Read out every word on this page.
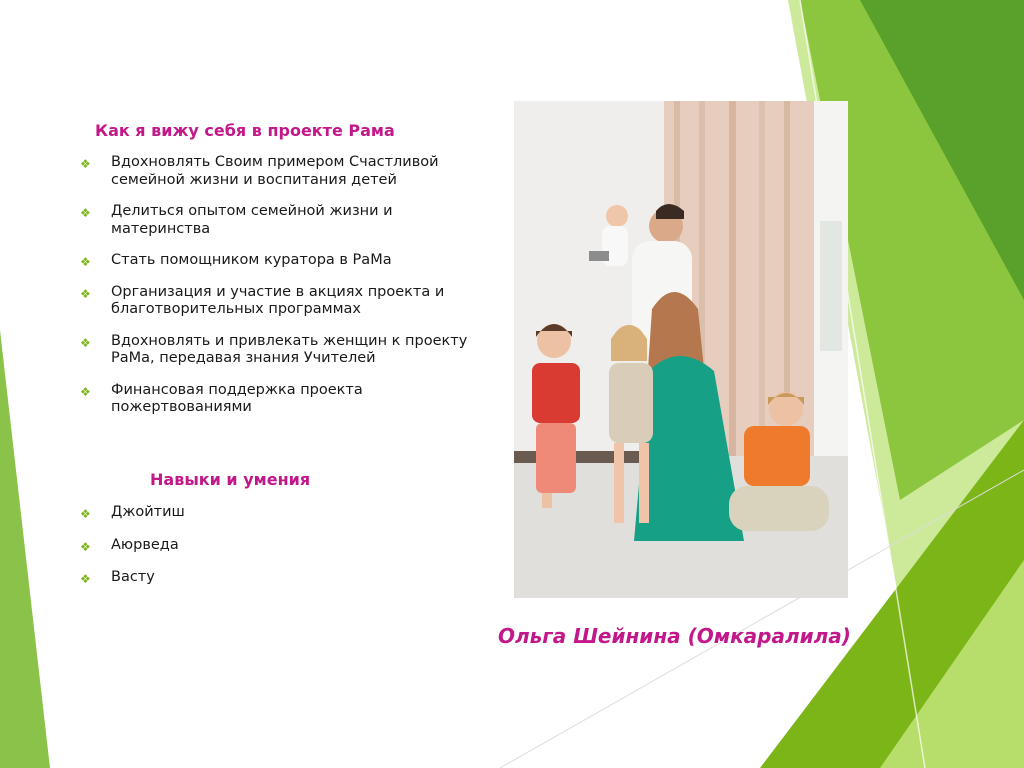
Как я вижу себя в проекте Рама
❖ Вдохновлять Своим примером Счастливой семейной жизни и воспитания детей
❖ Делиться опытом семейной жизни и материнства
❖ Стать помощником куратора в РаМа
❖ Организация и участие в акциях проекта и благотворительных программах
❖ Вдохновлять и привлекать женщин к проекту РаМа, передавая знания Учителей
❖ Финансовая поддержка проекта пожертвованиями
Навыки и умения
❖ Джойтиш
❖ Аюрведа
❖ Васту
Ольга Шейнина (Омкаралила)
